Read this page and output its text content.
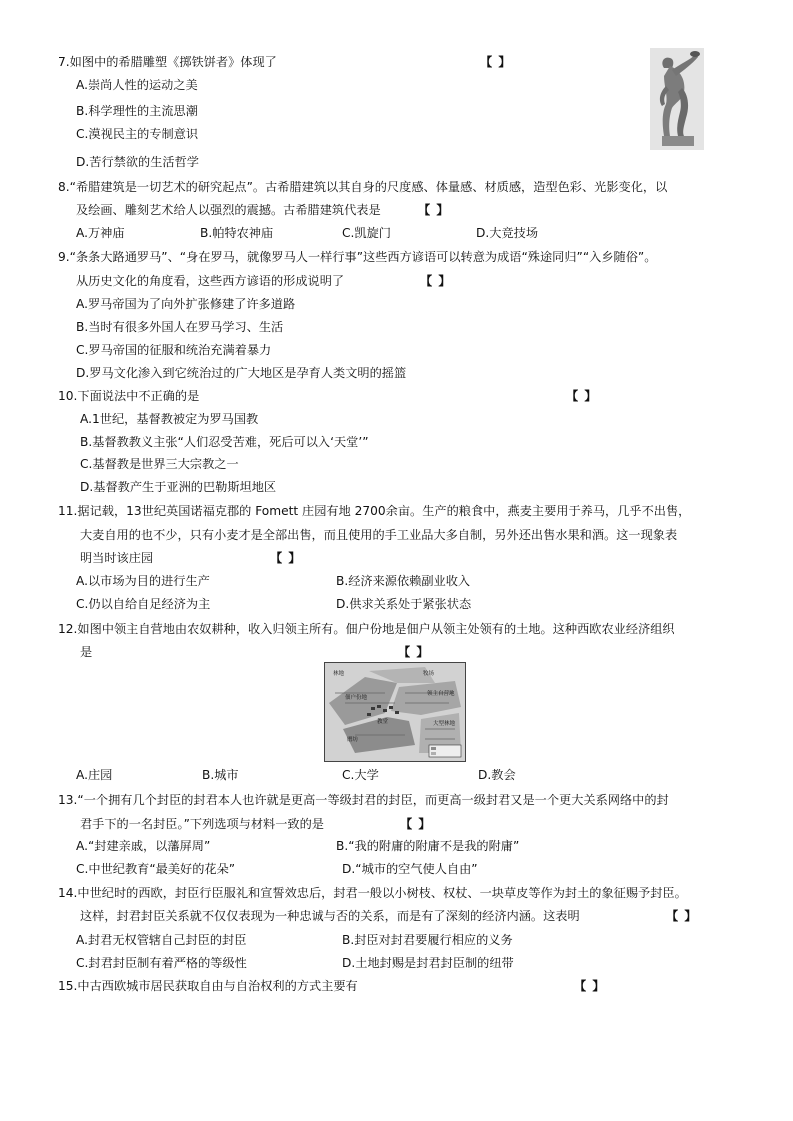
7.如图中的希腊雕塑《掷铁饼者》体现了	【 】
A.崇尚人性的运动之美
B.科学理性的主流思潮
C.漠视民主的专制意识
D.苦行禁欲的生活哲学
8.“希腊建筑是一切艺术的研究起点”。古希腊建筑以其自身的尺度感、体量感、材质感，造型色彩、光影变化，以
及绘画、雕刻艺术给人以强烈的震撼。古希腊建筑代表是	【 】
A.万神庙	B.帕特农神庙	C.凯旋门	D.大竞技场
9.“条条大路通罗马”、“身在罗马，就像罗马人一样行事”这些西方谚语可以转意为成语“殊途同归”“入乡随俗”。
从历史文化的角度看，这些西方谚语的形成说明了	【 】
A.罗马帝国为了向外扩张修建了许多道路
B.当时有很多外国人在罗马学习、生活
C.罗马帝国的征服和统治充满着暴力
D.罗马文化渗入到它统治过的广大地区是孕育人类文明的摇篮
10.下面说法中不正确的是	【 】
A.1世纪，基督教被定为罗马国教
B.基督教教义主张“人们忍受苦难，死后可以入‘天堂’”
C.基督教是世界三大宗教之一
D.基督教产生于亚洲的巴勒斯坦地区
11.据记载，13世纪英国诺福克郡的 Fomett 庄园有地 2700余亩。生产的粮食中，燕麦主要用于养马，几乎不出售，
大麦自用的也不少，只有小麦才是全部出售，而且使用的手工业品大多自制，另外还出售水果和酒。这一现象表
明当时该庄园	【 】
A.以市场为目的进行生产	B.经济来源依赖副业收入
C.仍以自给自足经济为主	D.供求关系处于紧张状态
12.如图中领主自营地由农奴耕种，收入归领主所有。佃户份地是佃户从领主处领有的土地。这种西欧农业经济组织
是	【 】
林地	牧场
领主自营地
佃户份地
教堂
磨坊
大型林地
A.庄园	B.城市	C.大学	D.教会
13.“一个拥有几个封臣的封君本人也许就是更高一等级封君的封臣，而更高一级封君又是一个更大关系网络中的封
君手下的一名封臣。”下列选项与材料一致的是	【 】
A.“封建亲戚，以藩屏周”	B.“我的附庸的附庸不是我的附庸”
C.中世纪教育“最美好的花朵”	D.“城市的空气使人自由”
14.中世纪时的西欧，封臣行臣服礼和宣誓效忠后，封君一般以小树枝、权杖、一块草皮等作为封土的象征赐予封臣。
这样，封君封臣关系就不仅仅表现为一种忠诚与否的关系，而是有了深刻的经济内涵。这表明	【 】
A.封君无权管辖自己封臣的封臣	B.封臣对封君要履行相应的义务
C.封君封臣制有着严格的等级性	D.土地封赐是封君封臣制的纽带
15.中古西欧城市居民获取自由与自治权利的方式主要有	【 】
